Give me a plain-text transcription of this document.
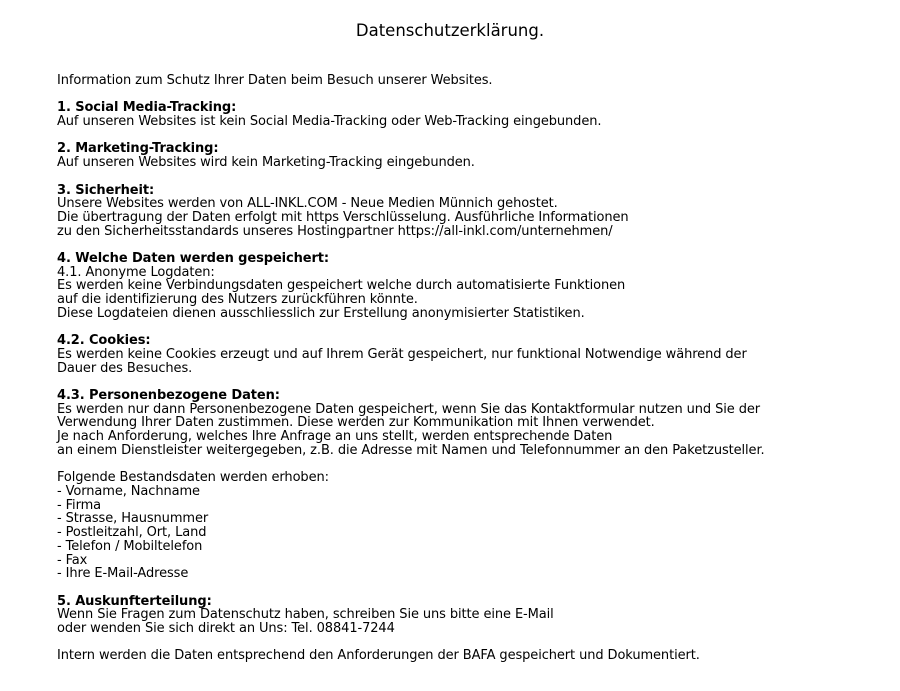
Datenschutzerklärung.

Information zum Schutz Ihrer Daten beim Besuch unserer Websites.

1. Social Media-Tracking:
Auf unseren Websites ist kein Social Media-Tracking oder Web-Tracking eingebunden.
2. Marketing-Tracking:
Auf unseren Websites wird kein Marketing-Tracking eingebunden.
3. Sicherheit:
Unsere Websites werden von ALL-INKL.COM - Neue Medien Münnich gehostet.
Die übertragung der Daten erfolgt mit https Verschlüsselung. Ausführliche Informationen
zu den Sicherheitsstandards unseres Hostingpartner https://all-inkl.com/unternehmen/
4. Welche Daten werden gespeichert:
4.1. Anonyme Logdaten:
Es werden keine Verbindungsdaten gespeichert welche durch automatisierte Funktionen
auf die identifizierung des Nutzers zurückführen könnte.
Diese Logdateien dienen ausschliesslich zur Erstellung anonymisierter Statistiken.
4.2. Cookies:
Es werden keine Cookies erzeugt und auf Ihrem Gerät gespeichert, nur funktional Notwendige während der
Dauer des Besuches.
4.3. Personenbezogene Daten:
Es werden nur dann Personenbezogene Daten gespeichert, wenn Sie das Kontaktformular nutzen und Sie der
Verwendung Ihrer Daten zustimmen. Diese werden zur Kommunikation mit Ihnen verwendet.
Je nach Anforderung, welches Ihre Anfrage an uns stellt, werden entsprechende Daten
an einem Dienstleister weitergegeben, z.B. die Adresse mit Namen und Telefonnummer an den Paketzusteller.
Folgende Bestandsdaten werden erhoben:
- Vorname, Nachname
- Firma
- Strasse, Hausnummer
- Postleitzahl, Ort, Land
- Telefon / Mobiltelefon
- Fax
- Ihre E-Mail-Adresse
5. Auskunfterteilung:
Wenn Sie Fragen zum Datenschutz haben, schreiben Sie uns bitte eine E-Mail
oder wenden Sie sich direkt an Uns: Tel. 08841-7244
Intern werden die Daten entsprechend den Anforderungen der BAFA gespeichert und Dokumentiert.
